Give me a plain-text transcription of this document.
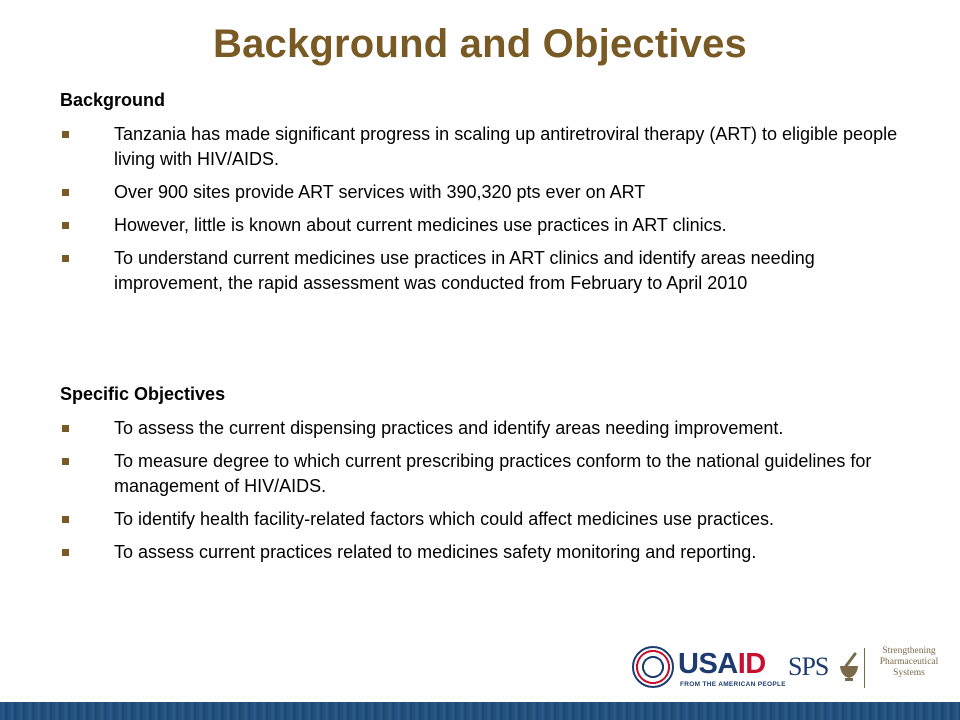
Background and Objectives
Background
Tanzania has made significant progress in scaling up antiretroviral therapy (ART) to eligible people living with HIV/AIDS.
Over 900 sites provide ART services with 390,320 pts ever on ART
However, little is known about current medicines use practices in ART clinics.
To understand current medicines use practices in ART clinics and identify areas needing improvement, the rapid assessment was conducted from February to April 2010
Specific Objectives
To assess the current dispensing practices and identify areas needing improvement.
To measure degree to which current prescribing practices conform to the national guidelines for management of HIV/AIDS.
To identify health facility-related factors which could affect medicines use practices.
To assess current practices related to medicines safety monitoring and reporting.
USAID
FROM THE AMERICAN PEOPLE
SPS
Strengthening
Pharmaceutical
Systems
